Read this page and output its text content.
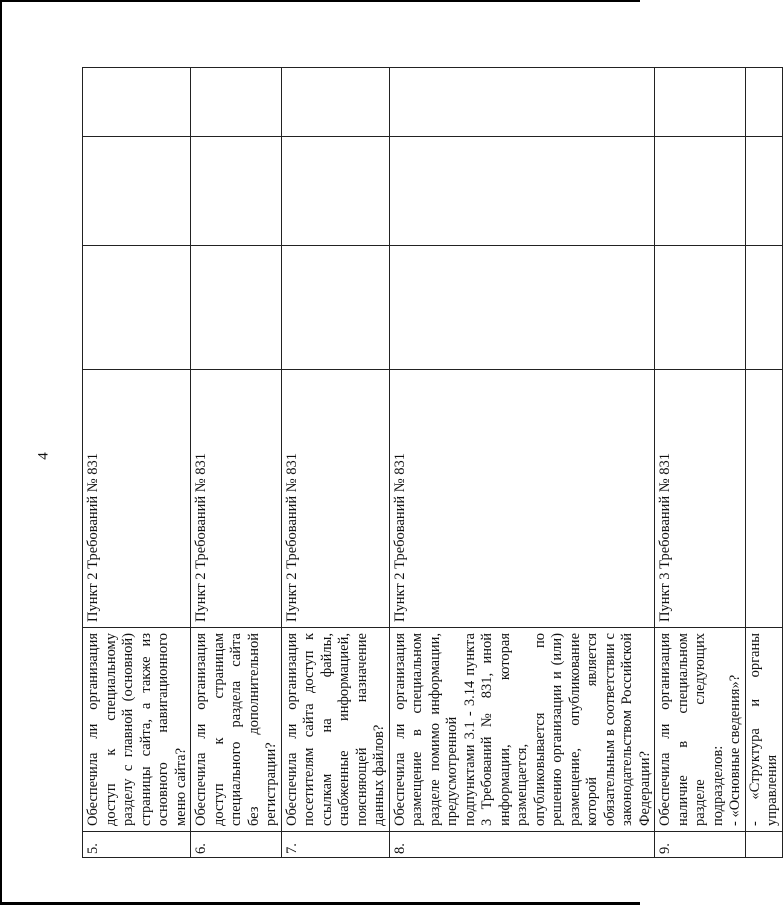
4
5.	Обеспечила ли организация доступ к специальному разделу с главной (основной) страницы сайта, а также из основного навигационного меню сайта?	Пункт 2 Требований № 831			
6.	Обеспечила ли организация доступ к страницам специального раздела сайта без дополнительной регистрации?	Пункт 2 Требований № 831			
7.	Обеспечила ли организация посетителям сайта доступ к ссылкам на файлы, снабженные информацией, поясняющей назначение данных файлов?	Пункт 2 Требований № 831			
8.	Обеспечила ли организация размещение в специальном разделе помимо информации, предусмотренной подпунктами 3.1 - 3.14 пункта 3 Требований № 831, иной информации, которая размещается, опубликовывается по решению организации и (или) размещение, опубликование которой является обязательным в соответствии с законодательством Российской Федерации?	Пункт 2 Требований № 831			
9.	Обеспечила ли организация наличие в специальном разделе следующих подразделов: - «Основные сведения»?	Пункт 3 Требований № 831			
	- «Структура и органы управления				
